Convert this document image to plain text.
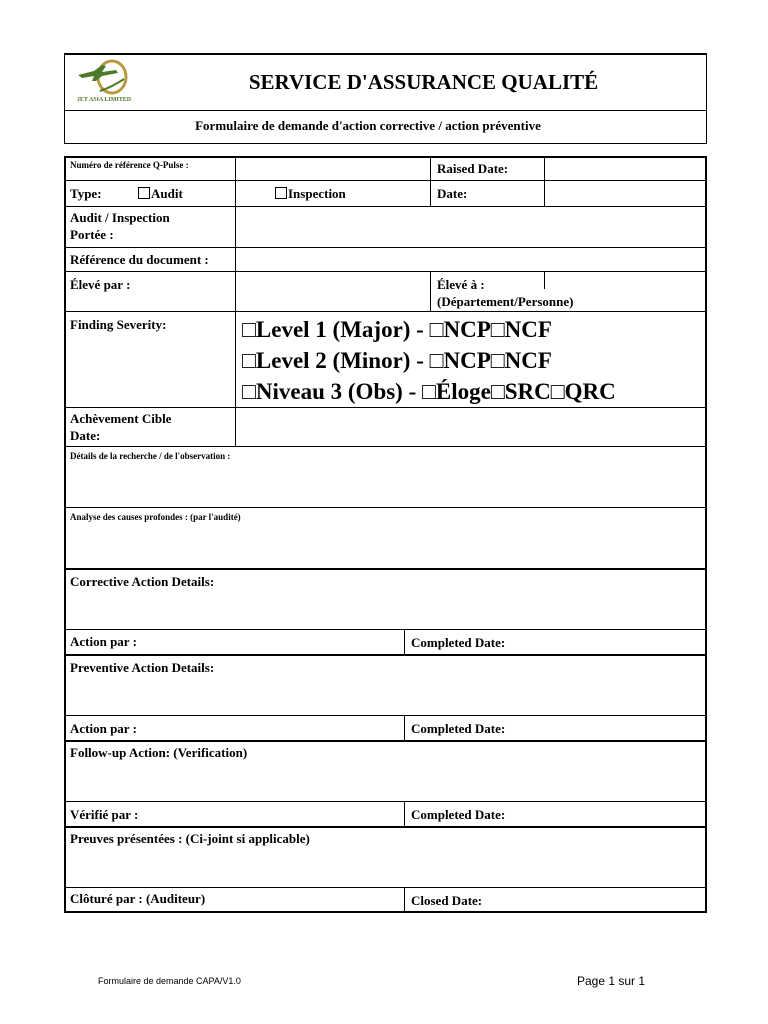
JET ASIA LIMITED
SERVICE D'ASSURANCE QUALITÉ
Formulaire de demande d'action corrective / action préventive
Numéro de référence Q-Pulse :	Raised Date:
Type:	Audit	Inspection	Date:
Audit / Inspection
Portée :
Référence du document :
Élevé par :	Élevé à :
(Département/Personne)
Finding Severity:	□Level 1 (Major) - □NCP□NCF
□Level 2 (Minor) - □NCP□NCF
□Niveau 3 (Obs) - □Éloge□SRC□QRC
Achèvement Cible
Date:
Détails de la recherche / de l'observation :
Analyse des causes profondes : (par l'audité)
Corrective Action Details:
Action par :	Completed Date:
Preventive Action Details:
Action par :	Completed Date:
Follow-up Action: (Verification)
Vérifié par :	Completed Date:
Preuves présentées : (Ci-joint si applicable)
Clôturé par : (Auditeur)	Closed Date:
Formulaire de demande CAPA/V1.0	Page 1 sur 1
